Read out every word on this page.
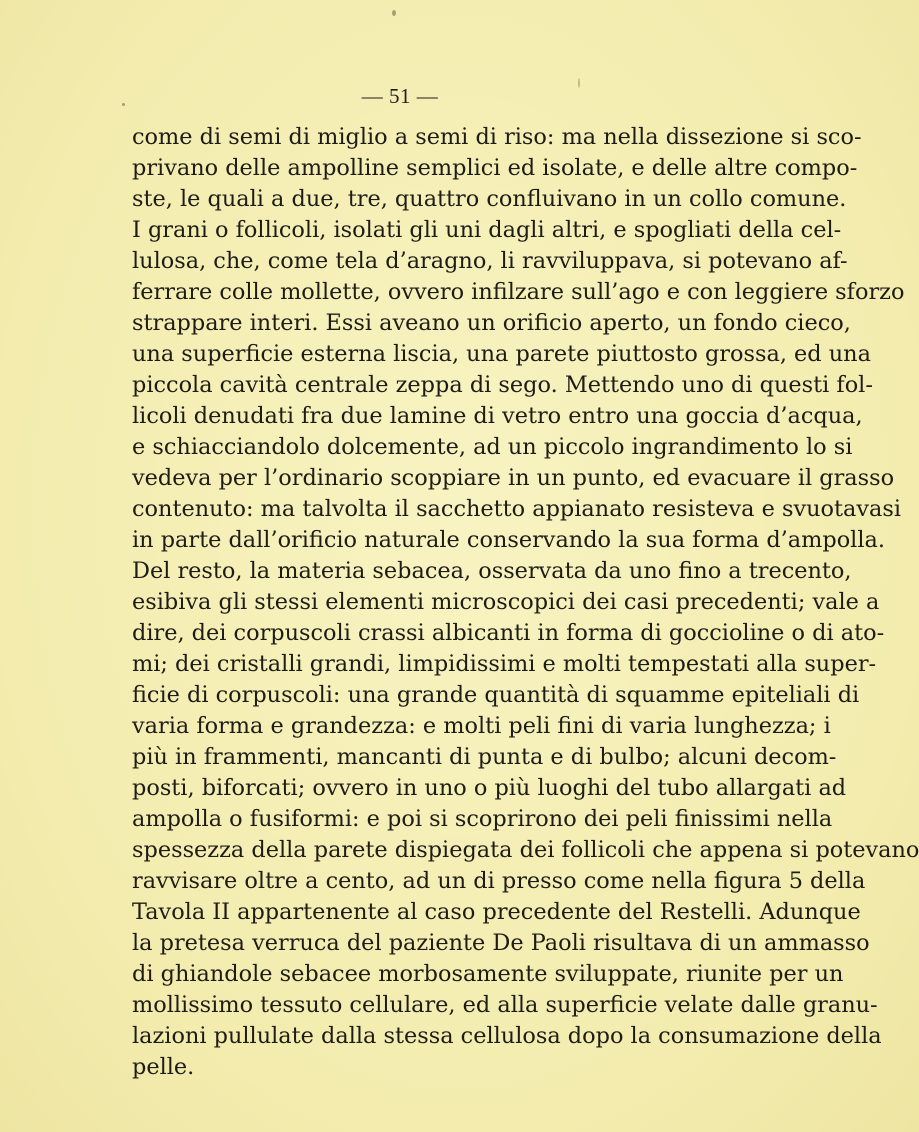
— 51 —
come di semi di miglio a semi di riso: ma nella dissezione si sco-
privano delle ampolline semplici ed isolate, e delle altre compo-
ste, le quali a due, tre, quattro confluivano in un collo comune.
I grani o follicoli, isolati gli uni dagli altri, e spogliati della cel-
lulosa, che, come tela d’aragno, li ravviluppava, si potevano af-
ferrare colle mollette, ovvero infilzare sull’ago e con leggiere sforzo
strappare interi. Essi aveano un orificio aperto, un fondo cieco,
una superficie esterna liscia, una parete piuttosto grossa, ed una
piccola cavità centrale zeppa di sego. Mettendo uno di questi fol-
licoli denudati fra due lamine di vetro entro una goccia d’acqua,
e schiacciandolo dolcemente, ad un piccolo ingrandimento lo si
vedeva per l’ordinario scoppiare in un punto, ed evacuare il grasso
contenuto: ma talvolta il sacchetto appianato resisteva e svuotavasi
in parte dall’orificio naturale conservando la sua forma d’ampolla.
Del resto, la materia sebacea, osservata da uno fino a trecento,
esibiva gli stessi elementi microscopici dei casi precedenti; vale a
dire, dei corpuscoli crassi albicanti in forma di goccioline o di ato-
mi; dei cristalli grandi, limpidissimi e molti tempestati alla super-
ficie di corpuscoli: una grande quantità di squamme epiteliali di
varia forma e grandezza: e molti peli fini di varia lunghezza; i
più in frammenti, mancanti di punta e di bulbo; alcuni decom-
posti, biforcati; ovvero in uno o più luoghi del tubo allargati ad
ampolla o fusiformi: e poi si scoprirono dei peli finissimi nella
spessezza della parete dispiegata dei follicoli che appena si potevano
ravvisare oltre a cento, ad un di presso come nella figura 5 della
Tavola II appartenente al caso precedente del Restelli. Adunque
la pretesa verruca del paziente De Paoli risultava di un ammasso
di ghiandole sebacee morbosamente sviluppate, riunite per un
mollissimo tessuto cellulare, ed alla superficie velate dalle granu-
lazioni pullulate dalla stessa cellulosa dopo la consumazione della
pelle.
